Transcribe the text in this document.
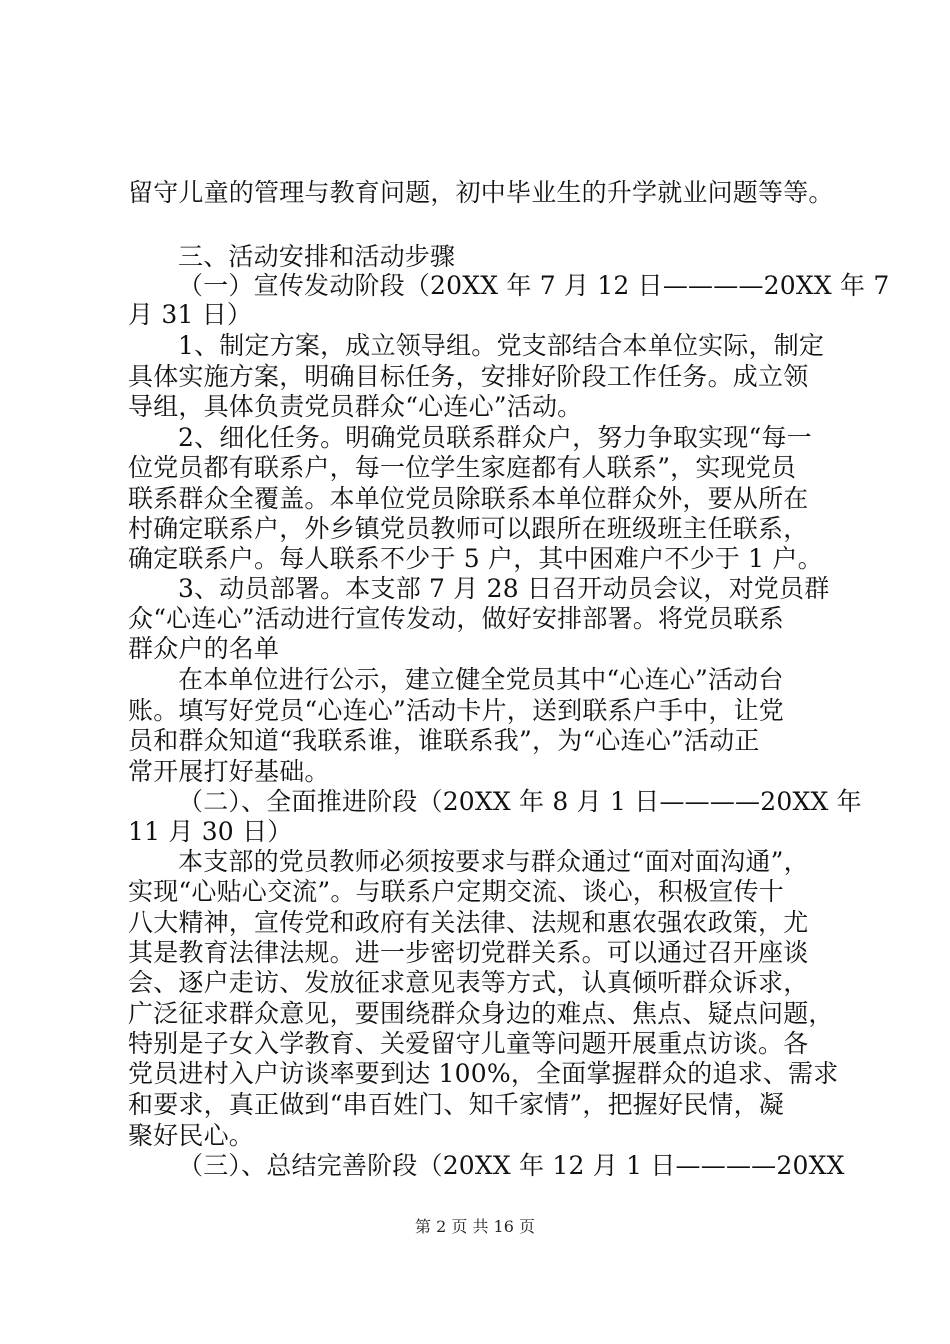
留守儿童的管理与教育问题，初中毕业生的升学就业问题等等。
三、活动安排和活动步骤
（一）宣传发动阶段（20XX 年 7 月 12 日————20XX 年 7
月 31 日）
1、制定方案，成立领导组。党支部结合本单位实际，制定
具体实施方案，明确目标任务，安排好阶段工作任务。成立领
导组，具体负责党员群众“心连心”活动。
2、细化任务。明确党员联系群众户，努力争取实现“每一
位党员都有联系户，每一位学生家庭都有人联系”，实现党员
联系群众全覆盖。本单位党员除联系本单位群众外，要从所在
村确定联系户，外乡镇党员教师可以跟所在班级班主任联系，
确定联系户。每人联系不少于 5 户，其中困难户不少于 1 户。
3、动员部署。本支部 7 月 28 日召开动员会议，对党员群
众“心连心”活动进行宣传发动，做好安排部署。将党员联系
群众户的名单
在本单位进行公示，建立健全党员其中“心连心”活动台
账。填写好党员“心连心”活动卡片，送到联系户手中，让党
员和群众知道“我联系谁，谁联系我”，为“心连心”活动正
常开展打好基础。
（二）、全面推进阶段（20XX 年 8 月 1 日————20XX 年
11 月 30 日）
本支部的党员教师必须按要求与群众通过“面对面沟通”，
实现“心贴心交流”。与联系户定期交流、谈心，积极宣传十
八大精神，宣传党和政府有关法律、法规和惠农强农政策，尤
其是教育法律法规。进一步密切党群关系。可以通过召开座谈
会、逐户走访、发放征求意见表等方式，认真倾听群众诉求，
广泛征求群众意见，要围绕群众身边的难点、焦点、疑点问题，
特别是子女入学教育、关爱留守儿童等问题开展重点访谈。各
党员进村入户访谈率要到达 100%，全面掌握群众的追求、需求
和要求，真正做到“串百姓门、知千家情”，把握好民情，凝
聚好民心。
（三）、总结完善阶段（20XX 年 12 月 1 日————20XX
第 2 页 共 16 页
